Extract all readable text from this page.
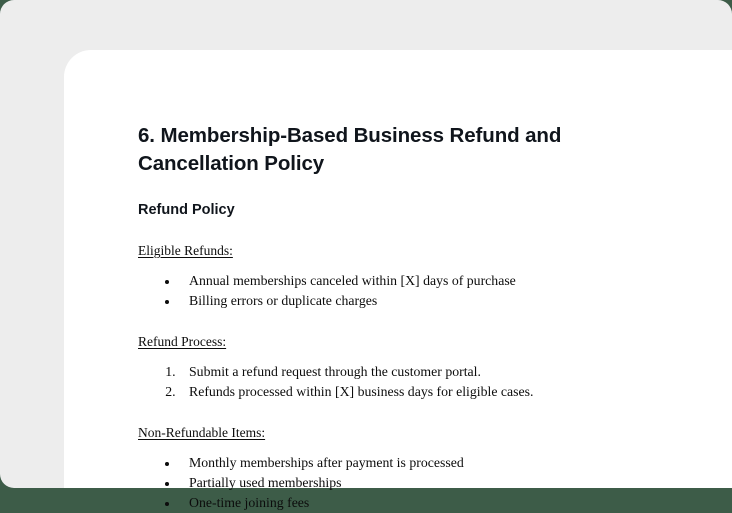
6. Membership-Based Business Refund and Cancellation Policy
Refund Policy

Eligible Refunds:

• Annual memberships canceled within [X] days of purchase
• Billing errors or duplicate charges

Refund Process:

1. Submit a refund request through the customer portal.
2. Refunds processed within [X] business days for eligible cases.

Non-Refundable Items:

• Monthly memberships after payment is processed
• Partially used memberships
• One-time joining fees
